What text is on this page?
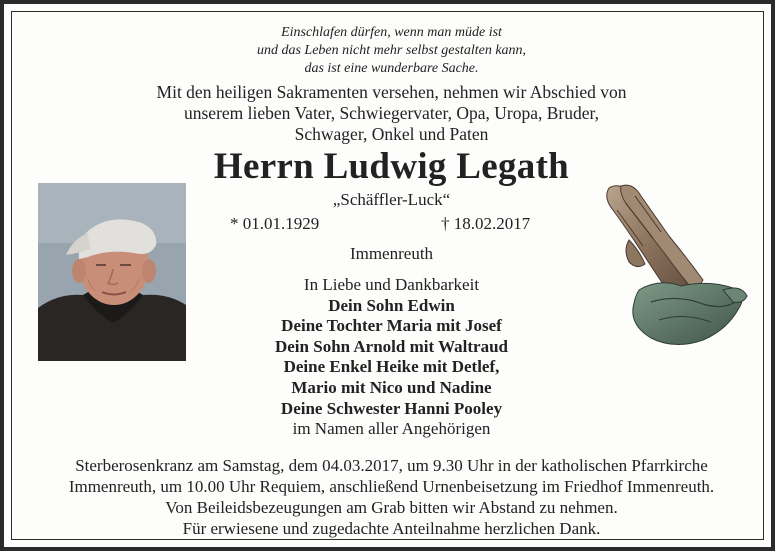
Einschlafen dürfen, wenn man müde ist
und das Leben nicht mehr selbst gestalten kann,
das ist eine wunderbare Sache.
Mit den heiligen Sakramenten versehen, nehmen wir Abschied von
unserem lieben Vater, Schwiegervater, Opa, Uropa, Bruder,
Schwager, Onkel und Paten
Herrn Ludwig Legath
„Schäffler-Luck“
* 01.01.1929	† 18.02.2017
Immenreuth
In Liebe und Dankbarkeit
Dein Sohn Edwin
Deine Tochter Maria mit Josef
Dein Sohn Arnold mit Waltraud
Deine Enkel Heike mit Detlef,
Mario mit Nico und Nadine
Deine Schwester Hanni Pooley
im Namen aller Angehörigen
Sterberosenkranz am Samstag, dem 04.03.2017, um 9.30 Uhr in der katholischen Pfarrkirche
Immenreuth, um 10.00 Uhr Requiem, anschließend Urnenbeisetzung im Friedhof Immenreuth.
Von Beileidsbezeugungen am Grab bitten wir Abstand zu nehmen.
Für erwiesene und zugedachte Anteilnahme herzlichen Dank.
